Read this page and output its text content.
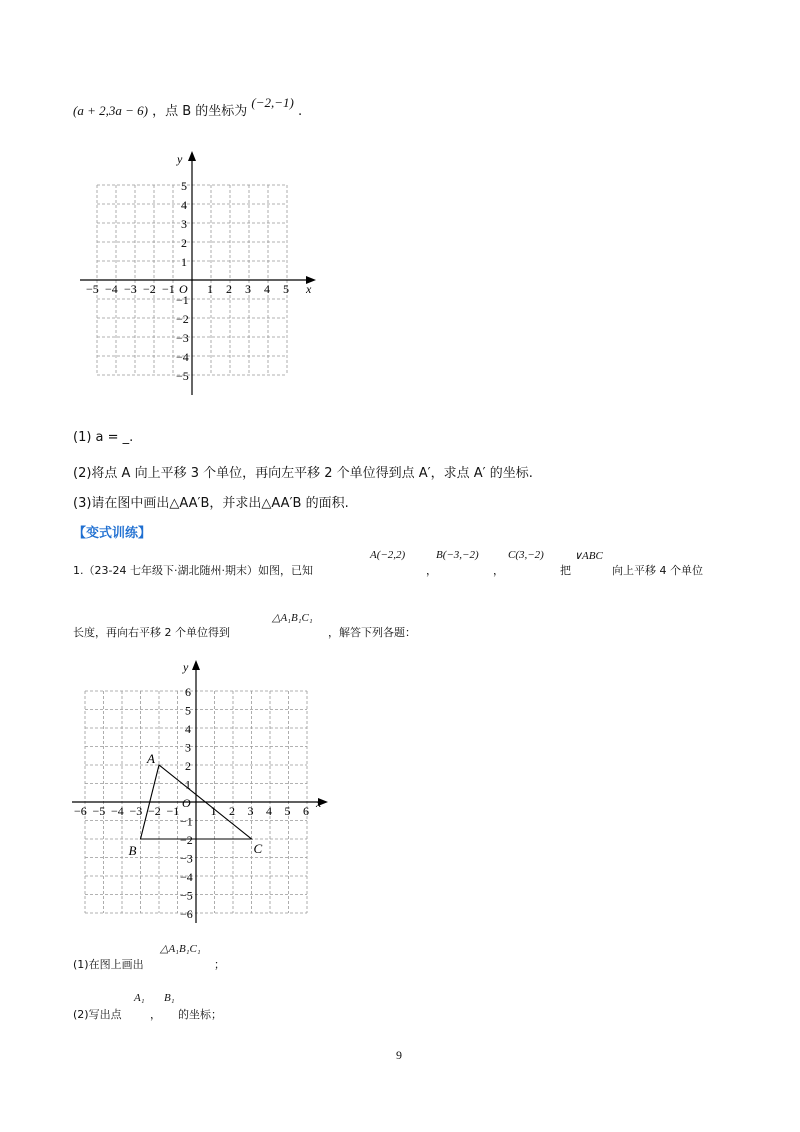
(a + 2,3a − 6) ，点 B 的坐标为 (−2,−1) .
x
y
O
−5 −4 −3 −2 −1	1 2 3 4 5
5
4
3
2
1
−1
−2
−3
−4
−5
(1) a = _.
(2)将点 A 向上平移 3 个单位，再向左平移 2 个单位得到点 A′，求点 A′ 的坐标.
(3)请在图中画出△AA′B，并求出△AA′B 的面积.
【变式训练】
1.（23-24 七年级下·湖北随州·期末）如图，已知
A(−2,2)	B(−3,−2)	C(3,−2)
，	，	把
∨ABC
向上平移 4 个单位
长度，再向右平移 2 个单位得到
△A₁B₁C₁
，解答下列各题：
x
y
O
−6 −5 −4 −3 −2 −1	1 2 3 4 5 6
6
5
4
3
2
1
−1
−2
−3
−4
−5
−6
A
B	C
(1)在图上画出
△A₁B₁C₁
；
(2)写出点
A₁
，
B₁
的坐标；
9
